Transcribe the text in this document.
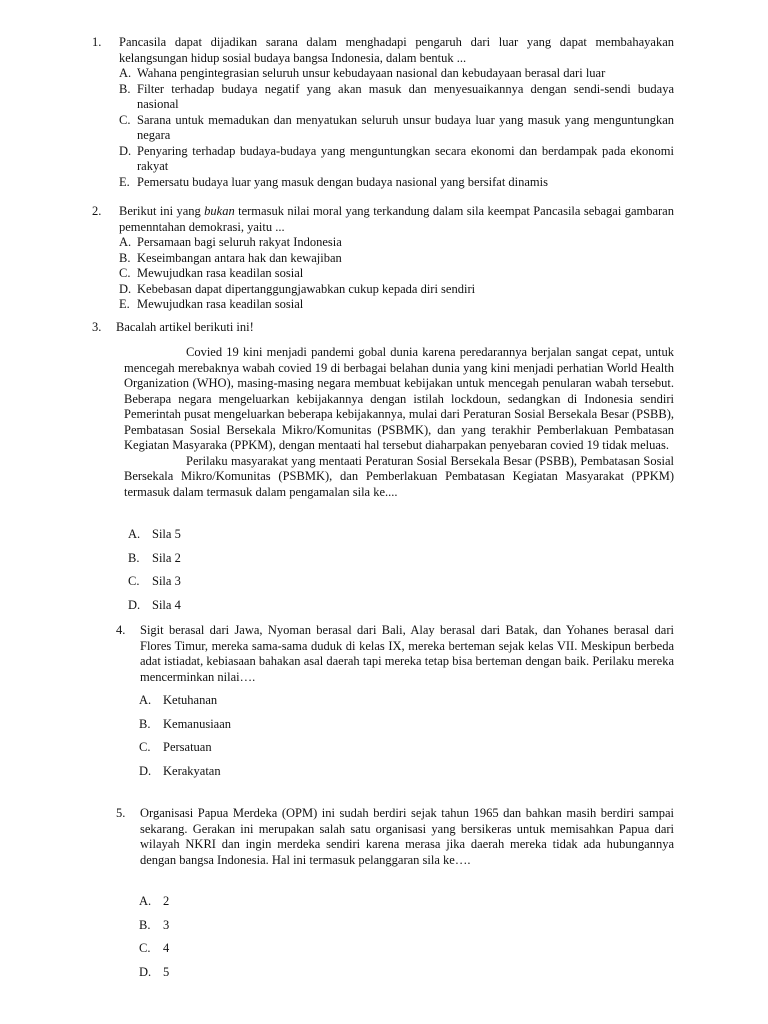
1. Pancasila dapat dijadikan sarana dalam menghadapi pengaruh dari luar yang dapat membahayakan kelangsungan hidup sosial budaya bangsa Indonesia, dalam bentuk ...
A. Wahana pengintegrasian seluruh unsur kebudayaan nasional dan kebudayaan berasal dari luar
B. Filter terhadap budaya negatif yang akan masuk dan menyesuaikannya dengan sendi-sendi budaya nasional
C. Sarana untuk memadukan dan menyatukan seluruh unsur budaya luar yang masuk yang menguntungkan negara
D. Penyaring terhadap budaya-budaya yang menguntungkan secara ekonomi dan berdampak pada ekonomi rakyat
E. Pemersatu budaya luar yang masuk dengan budaya nasional yang bersifat dinamis
2. Berikut ini yang bukan termasuk nilai moral yang terkandung dalam sila keempat Pancasila sebagai gambaran pemenntahan demokrasi, yaitu ...
A. Persamaan bagi seluruh rakyat Indonesia
B. Keseimbangan antara hak dan kewajiban
C. Mewujudkan rasa keadilan sosial
D. Kebebasan dapat dipertanggungjawabkan cukup kepada diri sendiri
E. Mewujudkan rasa keadilan sosial
3. Bacalah artikel berikuti ini!
Covied 19 kini menjadi pandemi gobal dunia karena peredarannya berjalan sangat cepat, untuk mencegah merebaknya wabah covied 19 di berbagai belahan dunia yang kini menjadi perhatian World Health Organization (WHO), masing-masing negara membuat kebijakan untuk mencegah penularan wabah tersebut. Beberapa negara mengeluarkan kebijakannya dengan istilah lockdoun, sedangkan di Indonesia sendiri Pemerintah pusat mengeluarkan beberapa kebijakannya, mulai dari Peraturan Sosial Bersekala Besar (PSBB), Pembatasan Sosial Bersekala Mikro/Komunitas (PSBMK), dan yang terakhir Pemberlakuan Pembatasan Kegiatan Masyaraka (PPKM), dengan mentaati hal tersebut diaharpakan penyebaran covied 19 tidak meluas.
Perilaku masyarakat yang mentaati Peraturan Sosial Bersekala Besar (PSBB), Pembatasan Sosial Bersekala Mikro/Komunitas (PSBMK), dan Pemberlakuan Pembatasan Kegiatan Masyarakat (PPKM) termasuk dalam termasuk dalam pengamalan sila ke....
A. Sila 5
B. Sila 2
C. Sila 3
D. Sila 4
4. Sigit berasal dari Jawa, Nyoman berasal dari Bali, Alay berasal dari Batak, dan Yohanes berasal dari Flores Timur, mereka sama-sama duduk di kelas IX, mereka berteman sejak kelas VII. Meskipun berbeda adat istiadat, kebiasaan bahakan asal daerah tapi mereka tetap bisa berteman dengan baik. Perilaku mereka mencerminkan nilai….
A. Ketuhanan
B. Kemanusiaan
C. Persatuan
D. Kerakyatan
5. Organisasi Papua Merdeka (OPM) ini sudah berdiri sejak tahun 1965 dan bahkan masih berdiri sampai sekarang. Gerakan ini merupakan salah satu organisasi yang bersikeras untuk memisahkan Papua dari wilayah NKRI dan ingin merdeka sendiri karena merasa jika daerah mereka tidak ada hubungannya dengan bangsa Indonesia. Hal ini termasuk pelanggaran sila ke….
A. 2
B. 3
C. 4
D. 5
